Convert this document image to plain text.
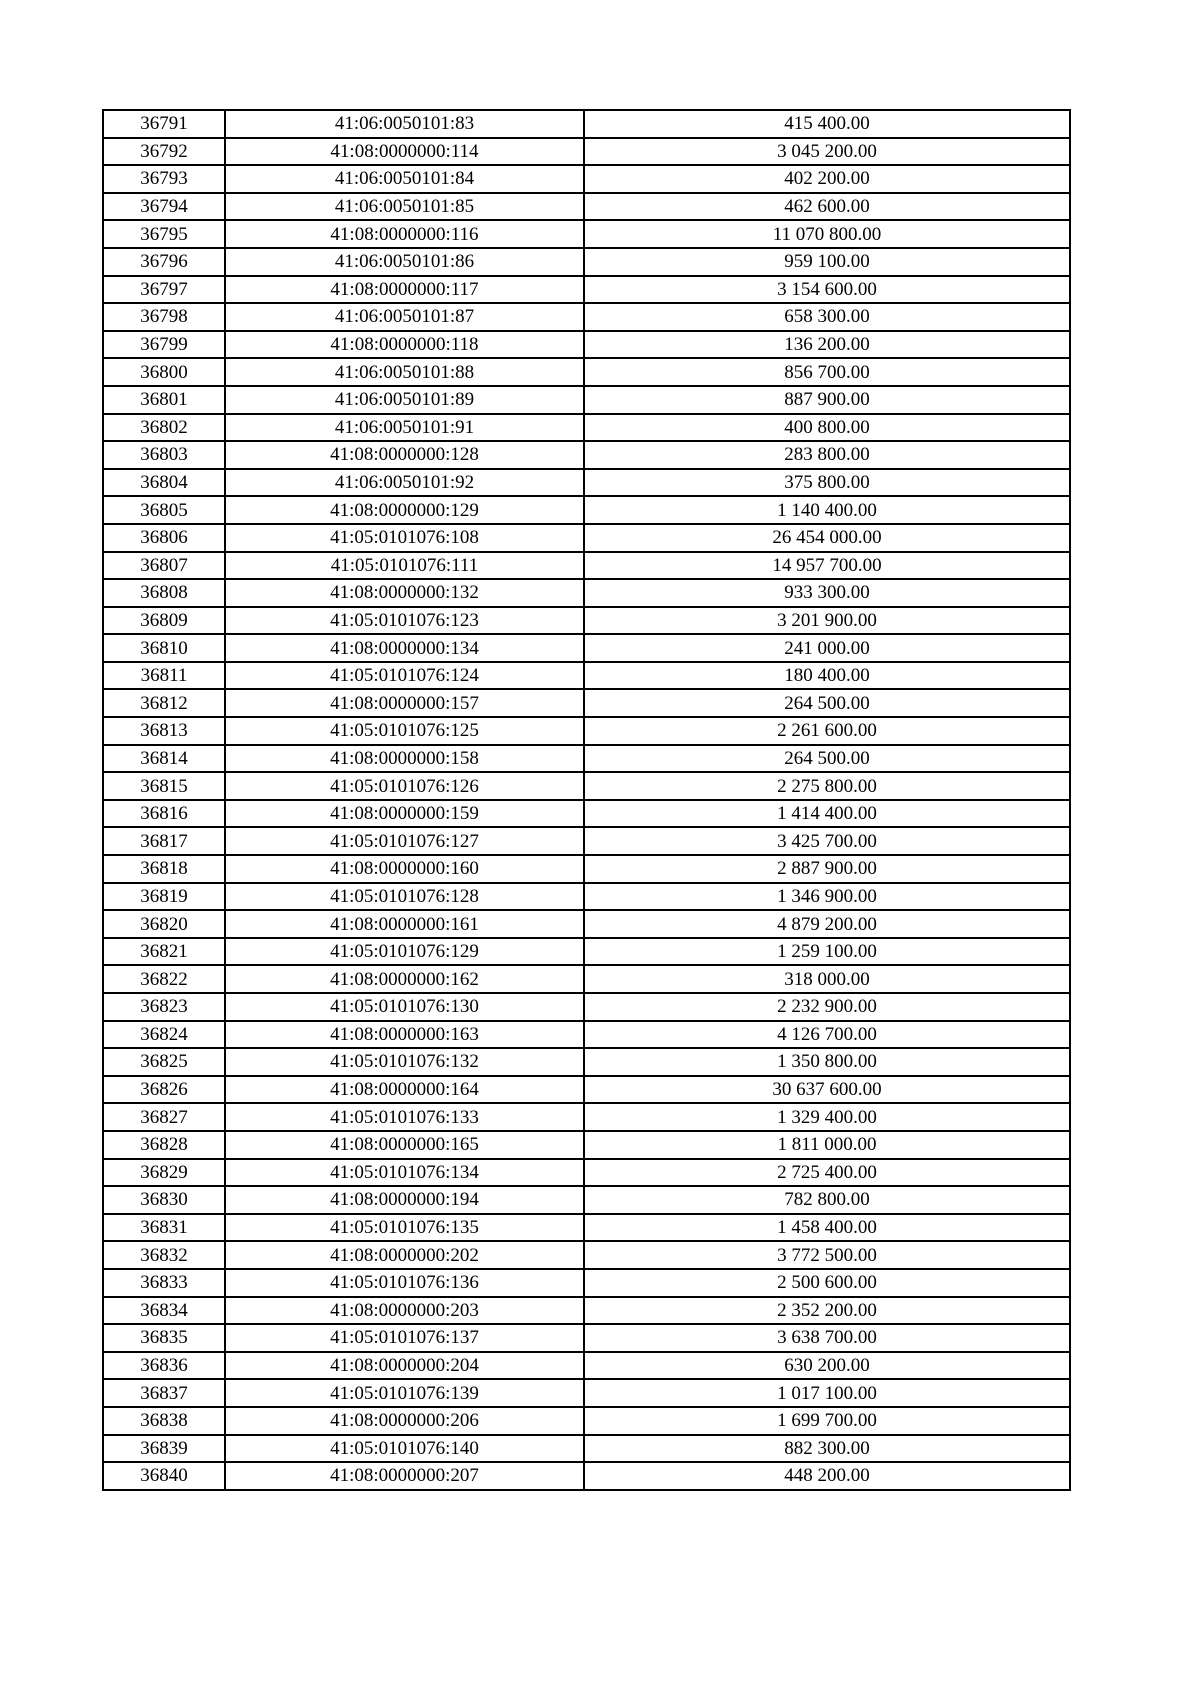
36791	41:06:0050101:83	415 400.00
36792	41:08:0000000:114	3 045 200.00
36793	41:06:0050101:84	402 200.00
36794	41:06:0050101:85	462 600.00
36795	41:08:0000000:116	11 070 800.00
36796	41:06:0050101:86	959 100.00
36797	41:08:0000000:117	3 154 600.00
36798	41:06:0050101:87	658 300.00
36799	41:08:0000000:118	136 200.00
36800	41:06:0050101:88	856 700.00
36801	41:06:0050101:89	887 900.00
36802	41:06:0050101:91	400 800.00
36803	41:08:0000000:128	283 800.00
36804	41:06:0050101:92	375 800.00
36805	41:08:0000000:129	1 140 400.00
36806	41:05:0101076:108	26 454 000.00
36807	41:05:0101076:111	14 957 700.00
36808	41:08:0000000:132	933 300.00
36809	41:05:0101076:123	3 201 900.00
36810	41:08:0000000:134	241 000.00
36811	41:05:0101076:124	180 400.00
36812	41:08:0000000:157	264 500.00
36813	41:05:0101076:125	2 261 600.00
36814	41:08:0000000:158	264 500.00
36815	41:05:0101076:126	2 275 800.00
36816	41:08:0000000:159	1 414 400.00
36817	41:05:0101076:127	3 425 700.00
36818	41:08:0000000:160	2 887 900.00
36819	41:05:0101076:128	1 346 900.00
36820	41:08:0000000:161	4 879 200.00
36821	41:05:0101076:129	1 259 100.00
36822	41:08:0000000:162	318 000.00
36823	41:05:0101076:130	2 232 900.00
36824	41:08:0000000:163	4 126 700.00
36825	41:05:0101076:132	1 350 800.00
36826	41:08:0000000:164	30 637 600.00
36827	41:05:0101076:133	1 329 400.00
36828	41:08:0000000:165	1 811 000.00
36829	41:05:0101076:134	2 725 400.00
36830	41:08:0000000:194	782 800.00
36831	41:05:0101076:135	1 458 400.00
36832	41:08:0000000:202	3 772 500.00
36833	41:05:0101076:136	2 500 600.00
36834	41:08:0000000:203	2 352 200.00
36835	41:05:0101076:137	3 638 700.00
36836	41:08:0000000:204	630 200.00
36837	41:05:0101076:139	1 017 100.00
36838	41:08:0000000:206	1 699 700.00
36839	41:05:0101076:140	882 300.00
36840	41:08:0000000:207	448 200.00
